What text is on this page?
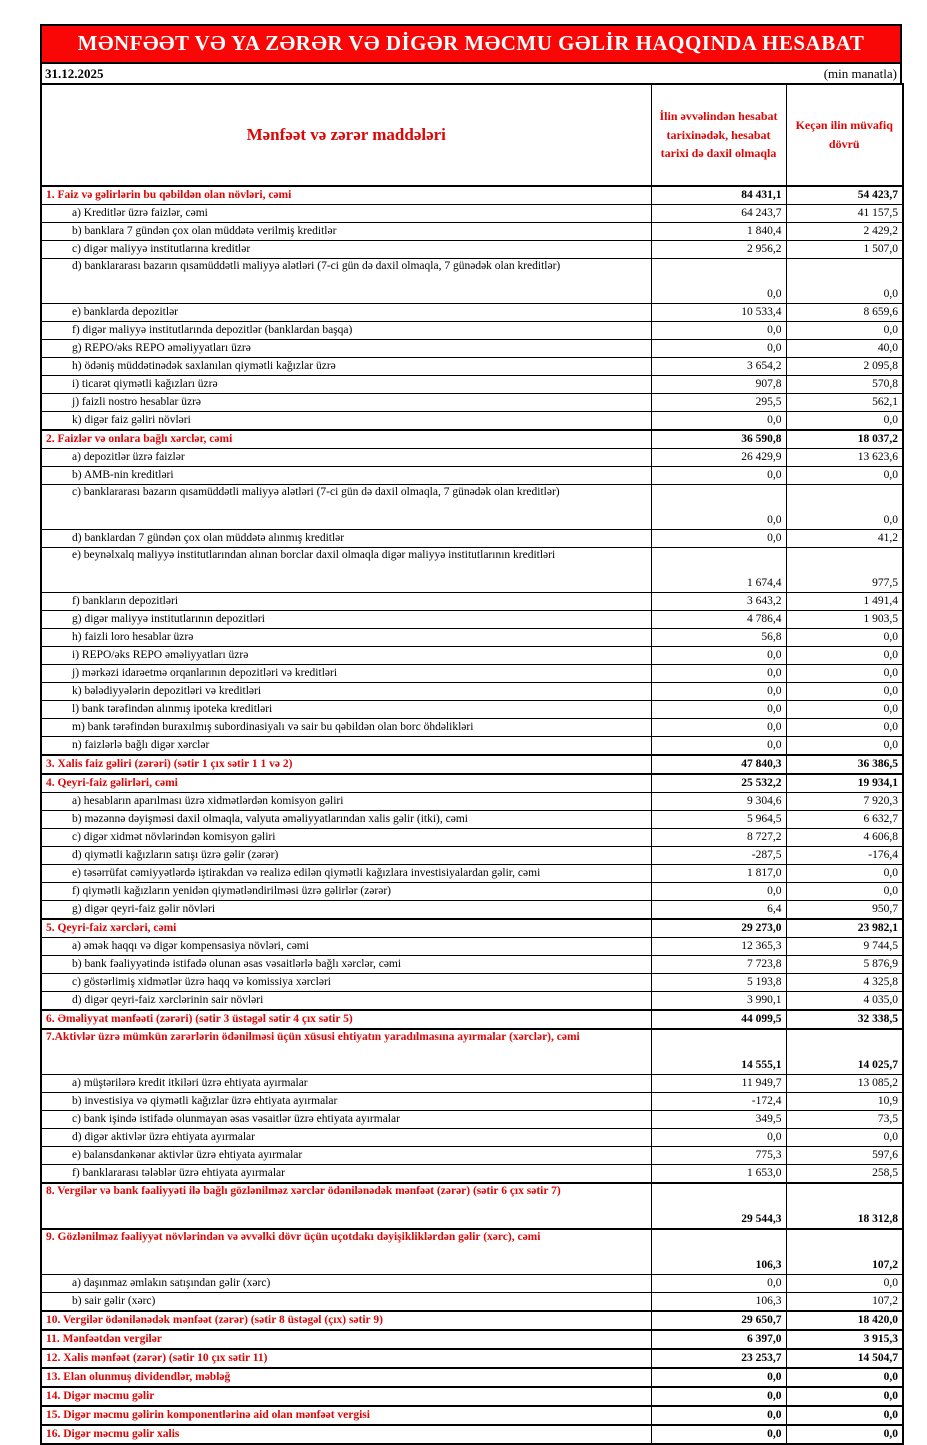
MƏNFƏƏT VƏ YA ZƏRƏR VƏ DİGƏR MƏCMU GƏLİR HAQQINDA HESABAT
31.12.2025	(min manatla)
Mənfəət və zərər maddələri	İlin əvvəlindən hesabat tarixinədək, hesabat tarixi də daxil olmaqla	Keçən ilin müvafiq dövrü
1. Faiz və gəlirlərin bu qəbildən olan növləri, cəmi	84 431,1	54 423,7
a) Kreditlər üzrə faizlər, cəmi	64 243,7	41 157,5
b) banklara 7 gündən çox olan müddətə verilmiş kreditlər	1 840,4	2 429,2
c) digər maliyyə institutlarına kreditlər	2 956,2	1 507,0
d) banklararası bazarın qısamüddətli maliyyə alətləri (7-ci gün də daxil olmaqla, 7 günədək olan kreditlər)	0,0	0,0
e) banklarda depozitlər	10 533,4	8 659,6
f) digər maliyyə institutlarında depozitlər (banklardan başqa)	0,0	0,0
g) REPO/əks REPO əməliyyatları üzrə	0,0	40,0
h) ödəniş müddətinədək saxlanılan qiymətli kağızlar üzrə	3 654,2	2 095,8
i) ticarət qiymətli kağızları üzrə	907,8	570,8
j) faizli nostro hesablar üzrə	295,5	562,1
k) digər faiz gəliri növləri	0,0	0,0
2. Faizlər və onlara bağlı xərclər, cəmi	36 590,8	18 037,2
a) depozitlər üzrə faizlər	26 429,9	13 623,6
b) AMB-nin kreditləri	0,0	0,0
c) banklararası bazarın qısamüddətli maliyyə alətləri (7-ci gün də daxil olmaqla, 7 günədək olan kreditlər)	0,0	0,0
d) banklardan 7 gündən çox olan müddətə alınmış kreditlər	0,0	41,2
e) beynəlxalq maliyyə institutlarından alınan borclar daxil olmaqla digər maliyyə institutlarının kreditləri	1 674,4	977,5
f) bankların depozitləri	3 643,2	1 491,4
g) digər maliyyə institutlarının depozitləri	4 786,4	1 903,5
h) faizli loro hesablar üzrə	56,8	0,0
i) REPO/əks REPO əməliyyatları üzrə	0,0	0,0
j) mərkəzi idarəetmə orqanlarının depozitləri və kreditləri	0,0	0,0
k) bələdiyyələrin depozitləri və kreditləri	0,0	0,0
l) bank tərəfindən alınmış ipoteka kreditləri	0,0	0,0
m) bank tərəfindən buraxılmış subordinasiyalı və sair bu qəbildən olan borc öhdəlikləri	0,0	0,0
n) faizlərlə bağlı digər xərclər	0,0	0,0
3. Xalis faiz gəliri (zərəri) (sətir 1 çıx sətir 1 1 və 2)	47 840,3	36 386,5
4. Qeyri-faiz gəlirləri, cəmi	25 532,2	19 934,1
a) hesabların aparılması üzrə xidmətlərdən komisyon gəliri	9 304,6	7 920,3
b) məzənnə dəyişməsi daxil olmaqla, valyuta əməliyyatlarından xalis gəlir (itki), cəmi	5 964,5	6 632,7
c) digər xidmət növlərindən komisyon gəliri	8 727,2	4 606,8
d) qiymətli kağızların satışı üzrə gəlir (zərər)	-287,5	-176,4
e) təsərrüfat cəmiyyətlərdə iştirakdan və realizə edilən qiymətli kağızlara investisiyalardan gəlir, cəmi	1 817,0	0,0
f) qiymətli kağızların yenidən qiymətləndirilməsi üzrə gəlirlər (zərər)	0,0	0,0
g) digər qeyri-faiz gəlir növləri	6,4	950,7
5. Qeyri-faiz xərcləri, cəmi	29 273,0	23 982,1
a) əmək haqqı və digər kompensasiya növləri, cəmi	12 365,3	9 744,5
b) bank fəaliyyətində istifadə olunan əsas vəsaitlərlə bağlı xərclər, cəmi	7 723,8	5 876,9
c) göstərlimiş xidmətlər üzrə haqq və komissiya xərcləri	5 193,8	4 325,8
d) digər qeyri-faiz xərclərinin sair növləri	3 990,1	4 035,0
6. Əməliyyat mənfəəti (zərəri) (sətir 3 üstəgəl sətir 4 çıx sətir 5)	44 099,5	32 338,5
7.Aktivlər üzrə mümkün zərərlərin ödənilməsi üçün xüsusi ehtiyatın yaradılmasına ayırmalar (xərclər), cəmi	14 555,1	14 025,7
a) müştərilərə kredit itkiləri üzrə ehtiyata ayırmalar	11 949,7	13 085,2
b) investisiya və qiymətli kağızlar üzrə ehtiyata ayırmalar	-172,4	10,9
c) bank işində istifadə olunmayan əsas vəsaitlər üzrə ehtiyata ayırmalar	349,5	73,5
d) digər aktivlər üzrə ehtiyata ayırmalar	0,0	0,0
e) balansdankənar aktivlər üzrə ehtiyata ayırmalar	775,3	597,6
f) banklararası tələblər üzrə ehtiyata ayırmalar	1 653,0	258,5
8. Vergilər və bank fəaliyyəti ilə bağlı gözlənilməz xərclər ödənilənədək mənfəət (zərər) (sətir 6 çıx sətir 7)	29 544,3	18 312,8
9. Gözlənilməz fəaliyyət növlərindən və əvvəlki dövr üçün uçotdakı dəyişikliklərdən gəlir (xərc), cəmi	106,3	107,2
a) daşınmaz əmlakın satışından gəlir (xərc)	0,0	0,0
b) sair gəlir (xərc)	106,3	107,2
10. Vergilər ödənilənədək mənfəət (zərər) (sətir 8 üstəgəl (çıx) sətir 9)	29 650,7	18 420,0
11. Mənfəətdən vergilər	6 397,0	3 915,3
12. Xalis mənfəət (zərər) (sətir 10 çıx sətir 11)	23 253,7	14 504,7
13. Elan olunmuş dividendlər, məbləğ	0,0	0,0
14. Digər məcmu gəlir	0,0	0,0
15. Digər məcmu gəlirin komponentlərinə aid olan mənfəət vergisi	0,0	0,0
16. Digər məcmu gəlir xalis	0,0	0,0
